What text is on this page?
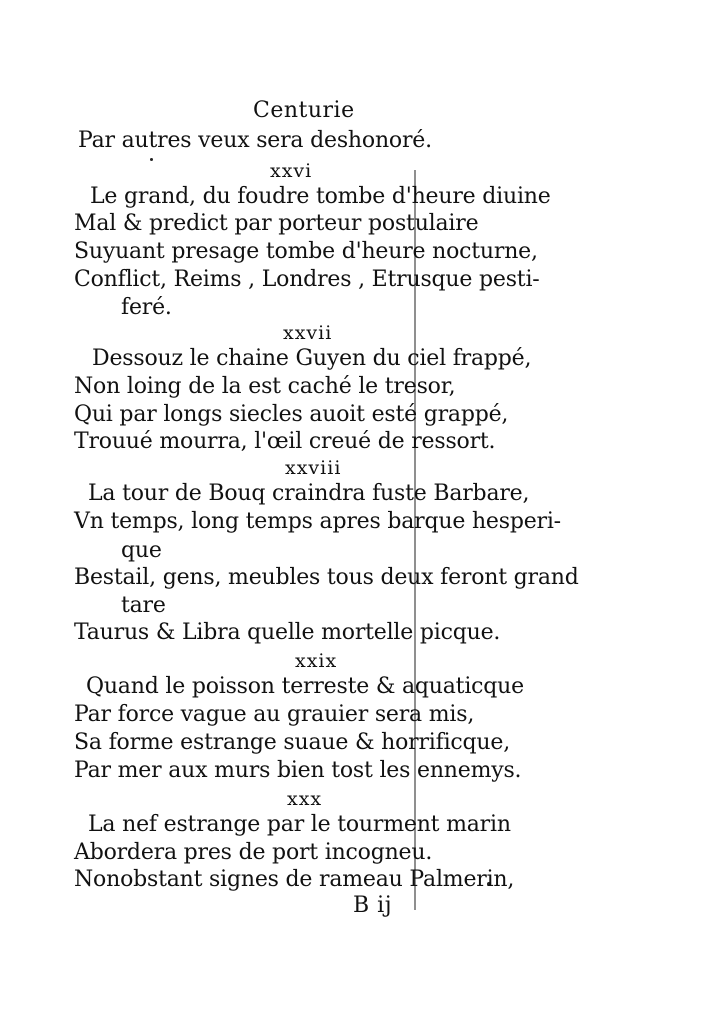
Centurie
Par autres veux sera deshonoré.
xxvi
Le grand, du foudre tombe d'heure diuine
Mal & predict par porteur postulaire
Suyuant presage tombe d'heure nocturne,
Conflict, Reims , Londres , Etrusque pesti-
feré.
xxvii
Dessouz le chaine Guyen du ciel frappé,
Non loing de la est caché le tresor,
Qui par longs siecles auoit esté grappé,
Trouué mourra, l'œil creué de ressort.
xxviii
La tour de Bouq craindra fuste Barbare,
Vn temps, long temps apres barque hesperi-
que
Bestail, gens, meubles tous deux feront grand
tare
Taurus & Libra quelle mortelle picque.
xxix
Quand le poisson terreste & aquaticque
Par force vague au grauier sera mis,
Sa forme estrange suaue & horrificque,
Par mer aux murs bien tost les ennemys.
xxx
La nef estrange par le tourment marin
Abordera pres de port incogneu.
Nonobstant signes de rameau Palmerin,
B ij
